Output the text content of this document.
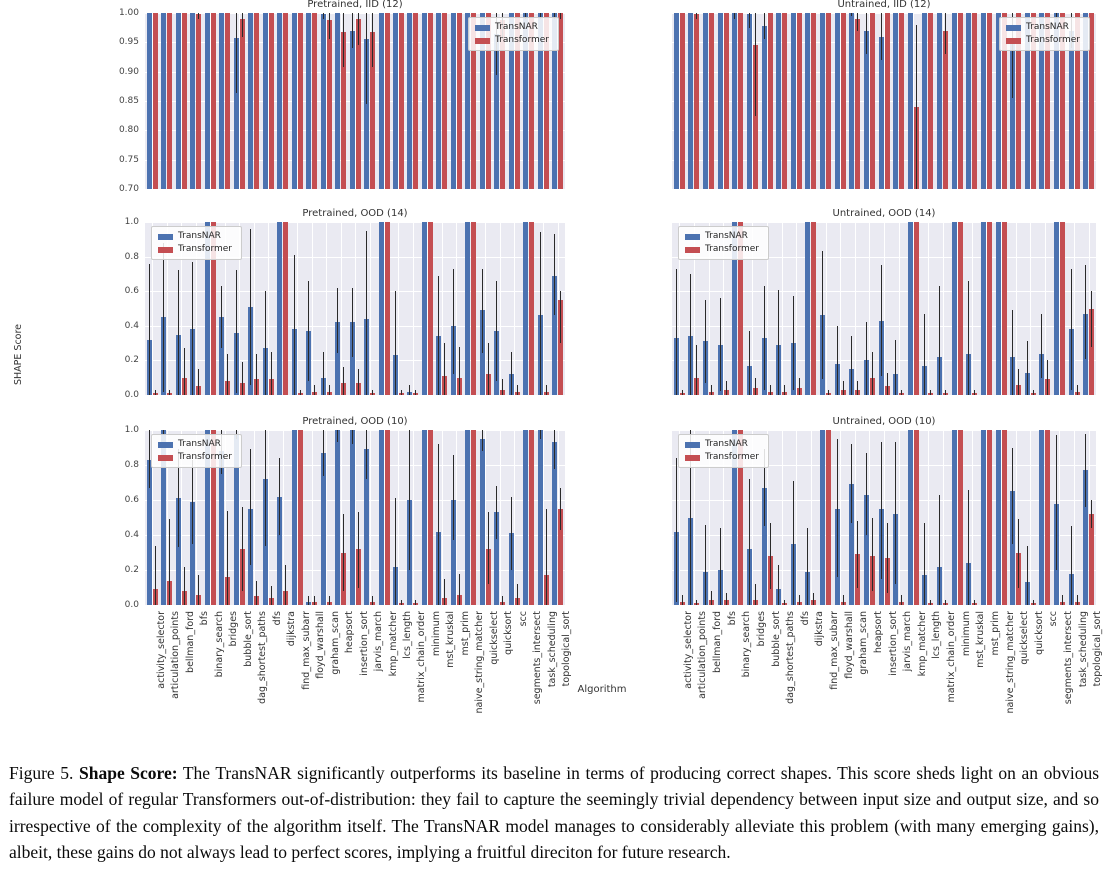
SHAPE Score
Algorithm
1.00
0.95
0.90
0.85
0.80
0.75
0.70
Pretrained, IID (12)
TransNAR
Transformer
Untrained, IID (12)
TransNAR
Transformer
1.0
0.8
0.6
0.4
0.2
0.0
Pretrained, OOD (14)
TransNAR
Transformer
Untrained, OOD (14)
TransNAR
Transformer
1.0
0.8
0.6
0.4
0.2
0.0
Pretrained, OOD (10)
TransNAR
Transformer
Untrained, OOD (10)
TransNAR
Transformer
activity_selector articulation_points bellman_ford bfs binary_search bridges bubble_sort dag_shortest_paths dfs dijkstra find_max_subarr floyd_warshall graham_scan heapsort insertion_sort jarvis_march kmp_matcher lcs_length matrix_chain_order minimum mst_kruskal mst_prim naive_string_matcher quickselect quicksort scc segments_intersect task_scheduling topological_sort	activity_selector articulation_points bellman_ford bfs binary_search bridges bubble_sort dag_shortest_paths dfs dijkstra find_max_subarr floyd_warshall graham_scan heapsort insertion_sort jarvis_march kmp_matcher lcs_length matrix_chain_order minimum mst_kruskal mst_prim naive_string_matcher quickselect quicksort scc segments_intersect task_scheduling topological_sort

Figure 5. Shape Score: The TransNAR significantly outperforms its baseline in terms of producing correct shapes. This score sheds light on an obvious failure model of regular Transformers out-of-distribution: they fail to capture the seemingly trivial dependency between input size and output size, and so irrespective of the complexity of the algorithm itself. The TransNAR model manages to considerably alleviate this problem (with many emerging gains), albeit, these gains do not always lead to perfect scores, implying a fruitful direciton for future research.
